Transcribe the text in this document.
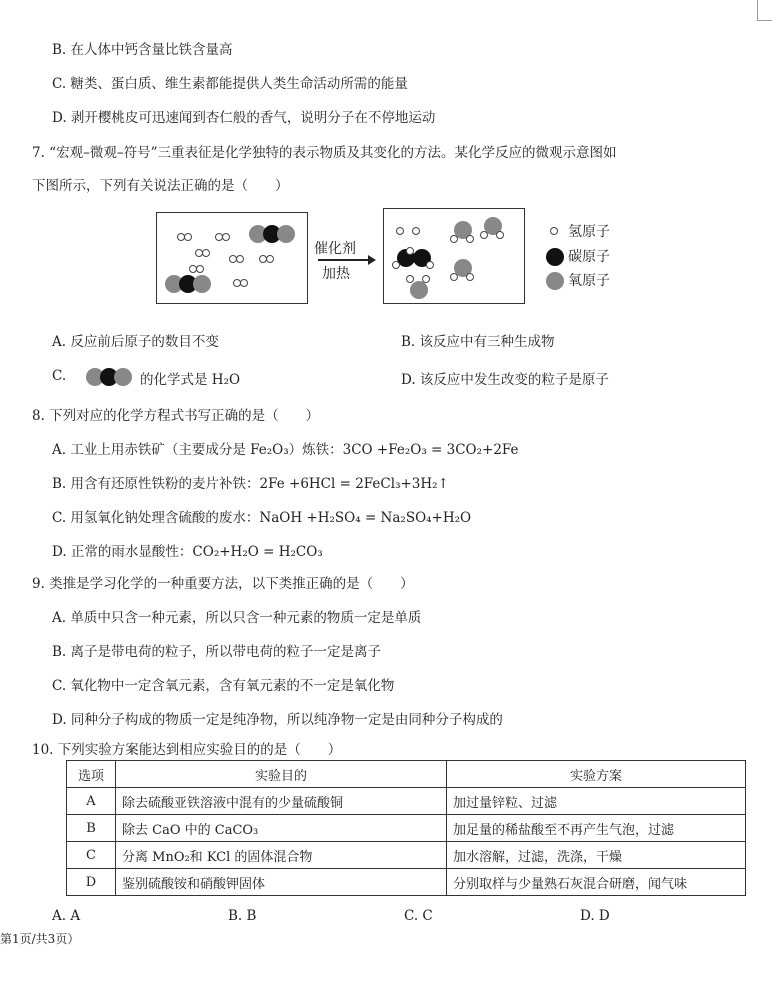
B. 在人体中钙含量比铁含量高
C. 糖类、蛋白质、维生素都能提供人类生命活动所需的能量
D. 剥开樱桃皮可迅速闻到杏仁般的香气，说明分子在不停地运动
7. “宏观–微观–符号”三重表征是化学独特的表示物质及其变化的方法。某化学反应的微观示意图如
下图所示，下列有关说法正确的是（　　）
催化剂
加热
氢原子
碳原子
氧原子
A. 反应前后原子的数目不变	B. 该反应中有三种生成物
C.	的化学式是 H₂O	D. 该反应中发生改变的粒子是原子
8. 下列对应的化学方程式书写正确的是（　　）
A. 工业上用赤铁矿（主要成分是 Fe₂O₃）炼铁：3CO +Fe₂O₃ = 3CO₂+2Fe
B. 用含有还原性铁粉的麦片补铁：2Fe +6HCl = 2FeCl₃+3H₂↑
C. 用氢氧化钠处理含硫酸的废水：NaOH +H₂SO₄ = Na₂SO₄+H₂O
D. 正常的雨水显酸性：CO₂+H₂O = H₂CO₃
9. 类推是学习化学的一种重要方法，以下类推正确的是（　　）
A. 单质中只含一种元素，所以只含一种元素的物质一定是单质
B. 离子是带电荷的粒子，所以带电荷的粒子一定是离子
C. 氧化物中一定含氧元素，含有氧元素的不一定是氧化物
D. 同种分子构成的物质一定是纯净物，所以纯净物一定是由同种分子构成的
10. 下列实验方案能达到相应实验目的的是（　　）
选项	实验目的	实验方案
A	除去硫酸亚铁溶液中混有的少量硫酸铜	加过量锌粒、过滤
B	除去 CaO 中的 CaCO₃	加足量的稀盐酸至不再产生气泡，过滤
C	分离 MnO₂和 KCl 的固体混合物	加水溶解，过滤，洗涤，干燥
D	鉴别硫酸铵和硝酸钾固体	分别取样与少量熟石灰混合研磨，闻气味
A. A	B. B	C. C	D. D
第1页/共3页）
